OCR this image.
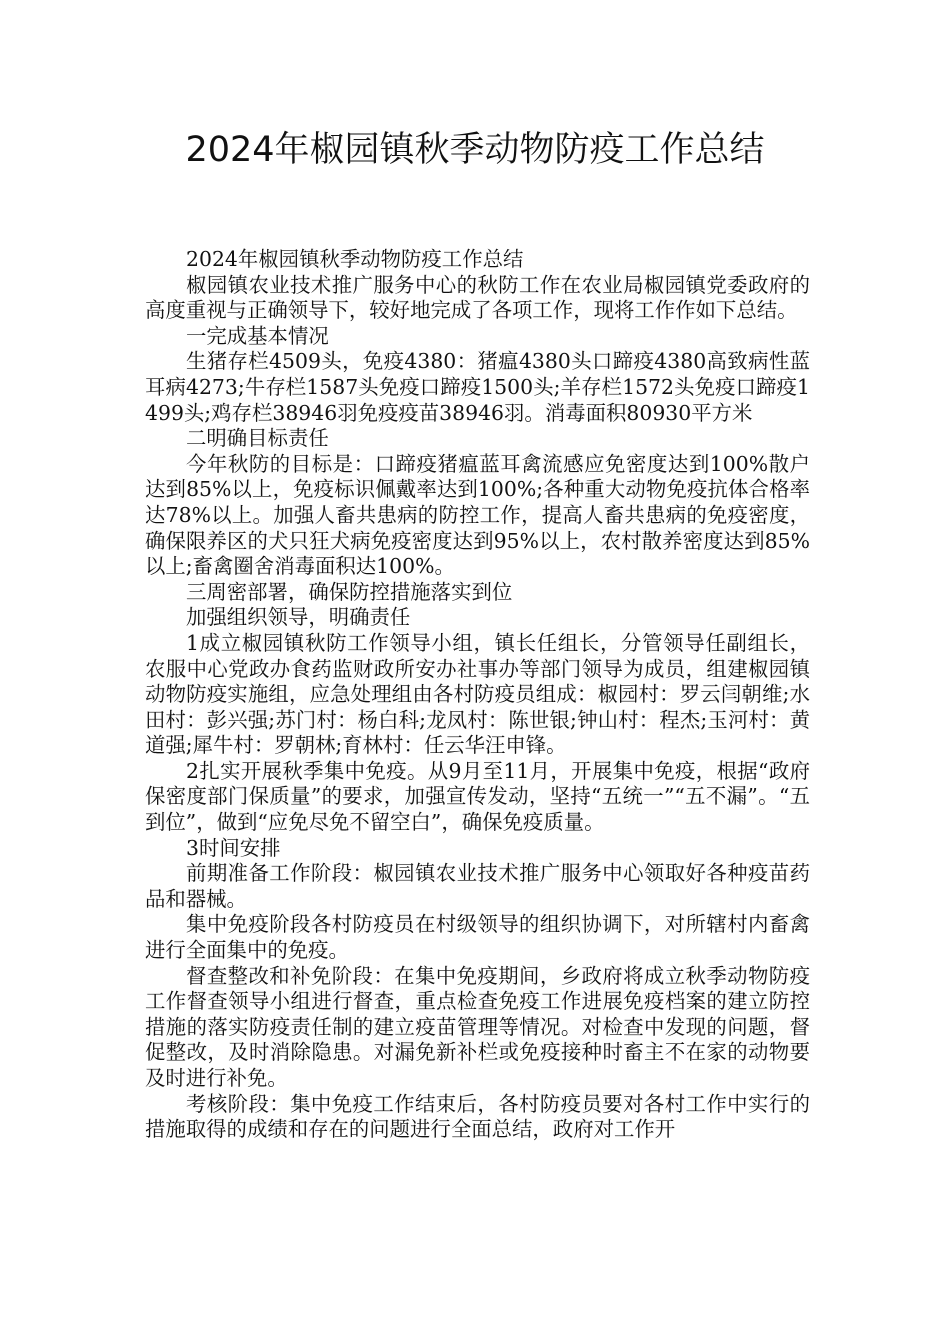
2024年椒园镇秋季动物防疫工作总结

2024年椒园镇秋季动物防疫工作总结

椒园镇农业技术推广服务中心的秋防工作在农业局椒园镇党委政府的高度重视与正确领导下，较好地完成了各项工作，现将工作作如下总结。

一完成基本情况

生猪存栏4509头，免疫4380：猪瘟4380头口蹄疫4380高致病性蓝耳病4273;牛存栏1587头免疫口蹄疫1500头;羊存栏1572头免疫口蹄疫1499头;鸡存栏38946羽免疫疫苗38946羽。消毒面积80930平方米

二明确目标责任

今年秋防的目标是：口蹄疫猪瘟蓝耳禽流感应免密度达到100%散户达到85%以上，免疫标识佩戴率达到100%;各种重大动物免疫抗体合格率达78%以上。加强人畜共患病的防控工作，提高人畜共患病的免疫密度，确保限养区的犬只狂犬病免疫密度达到95%以上，农村散养密度达到85%以上;畜禽圈舍消毒面积达100%。

三周密部署，确保防控措施落实到位

加强组织领导，明确责任

1成立椒园镇秋防工作领导小组，镇长任组长，分管领导任副组长，农服中心党政办食药监财政所安办社事办等部门领导为成员，组建椒园镇动物防疫实施组，应急处理组由各村防疫员组成：椒园村：罗云闫朝维;水田村：彭兴强;苏门村：杨白科;龙凤村：陈世银;钟山村：程杰;玉河村：黄道强;犀牛村：罗朝林;育林村：任云华汪申锋。

2扎实开展秋季集中免疫。从9月至11月，开展集中免疫，根据“政府保密度部门保质量”的要求，加强宣传发动，坚持“五统一”“五不漏”。“五到位”，做到“应免尽免不留空白”，确保免疫质量。

3时间安排

前期准备工作阶段：椒园镇农业技术推广服务中心领取好各种疫苗药品和器械。

集中免疫阶段各村防疫员在村级领导的组织协调下，对所辖村内畜禽进行全面集中的免疫。

督查整改和补免阶段：在集中免疫期间，乡政府将成立秋季动物防疫工作督查领导小组进行督查，重点检查免疫工作进展免疫档案的建立防控措施的落实防疫责任制的建立疫苗管理等情况。对检查中发现的问题，督促整改，及时消除隐患。对漏免新补栏或免疫接种时畜主不在家的动物要及时进行补免。

考核阶段：集中免疫工作结束后，各村防疫员要对各村工作中实行的措施取得的成绩和存在的问题进行全面总结，政府对工作开
